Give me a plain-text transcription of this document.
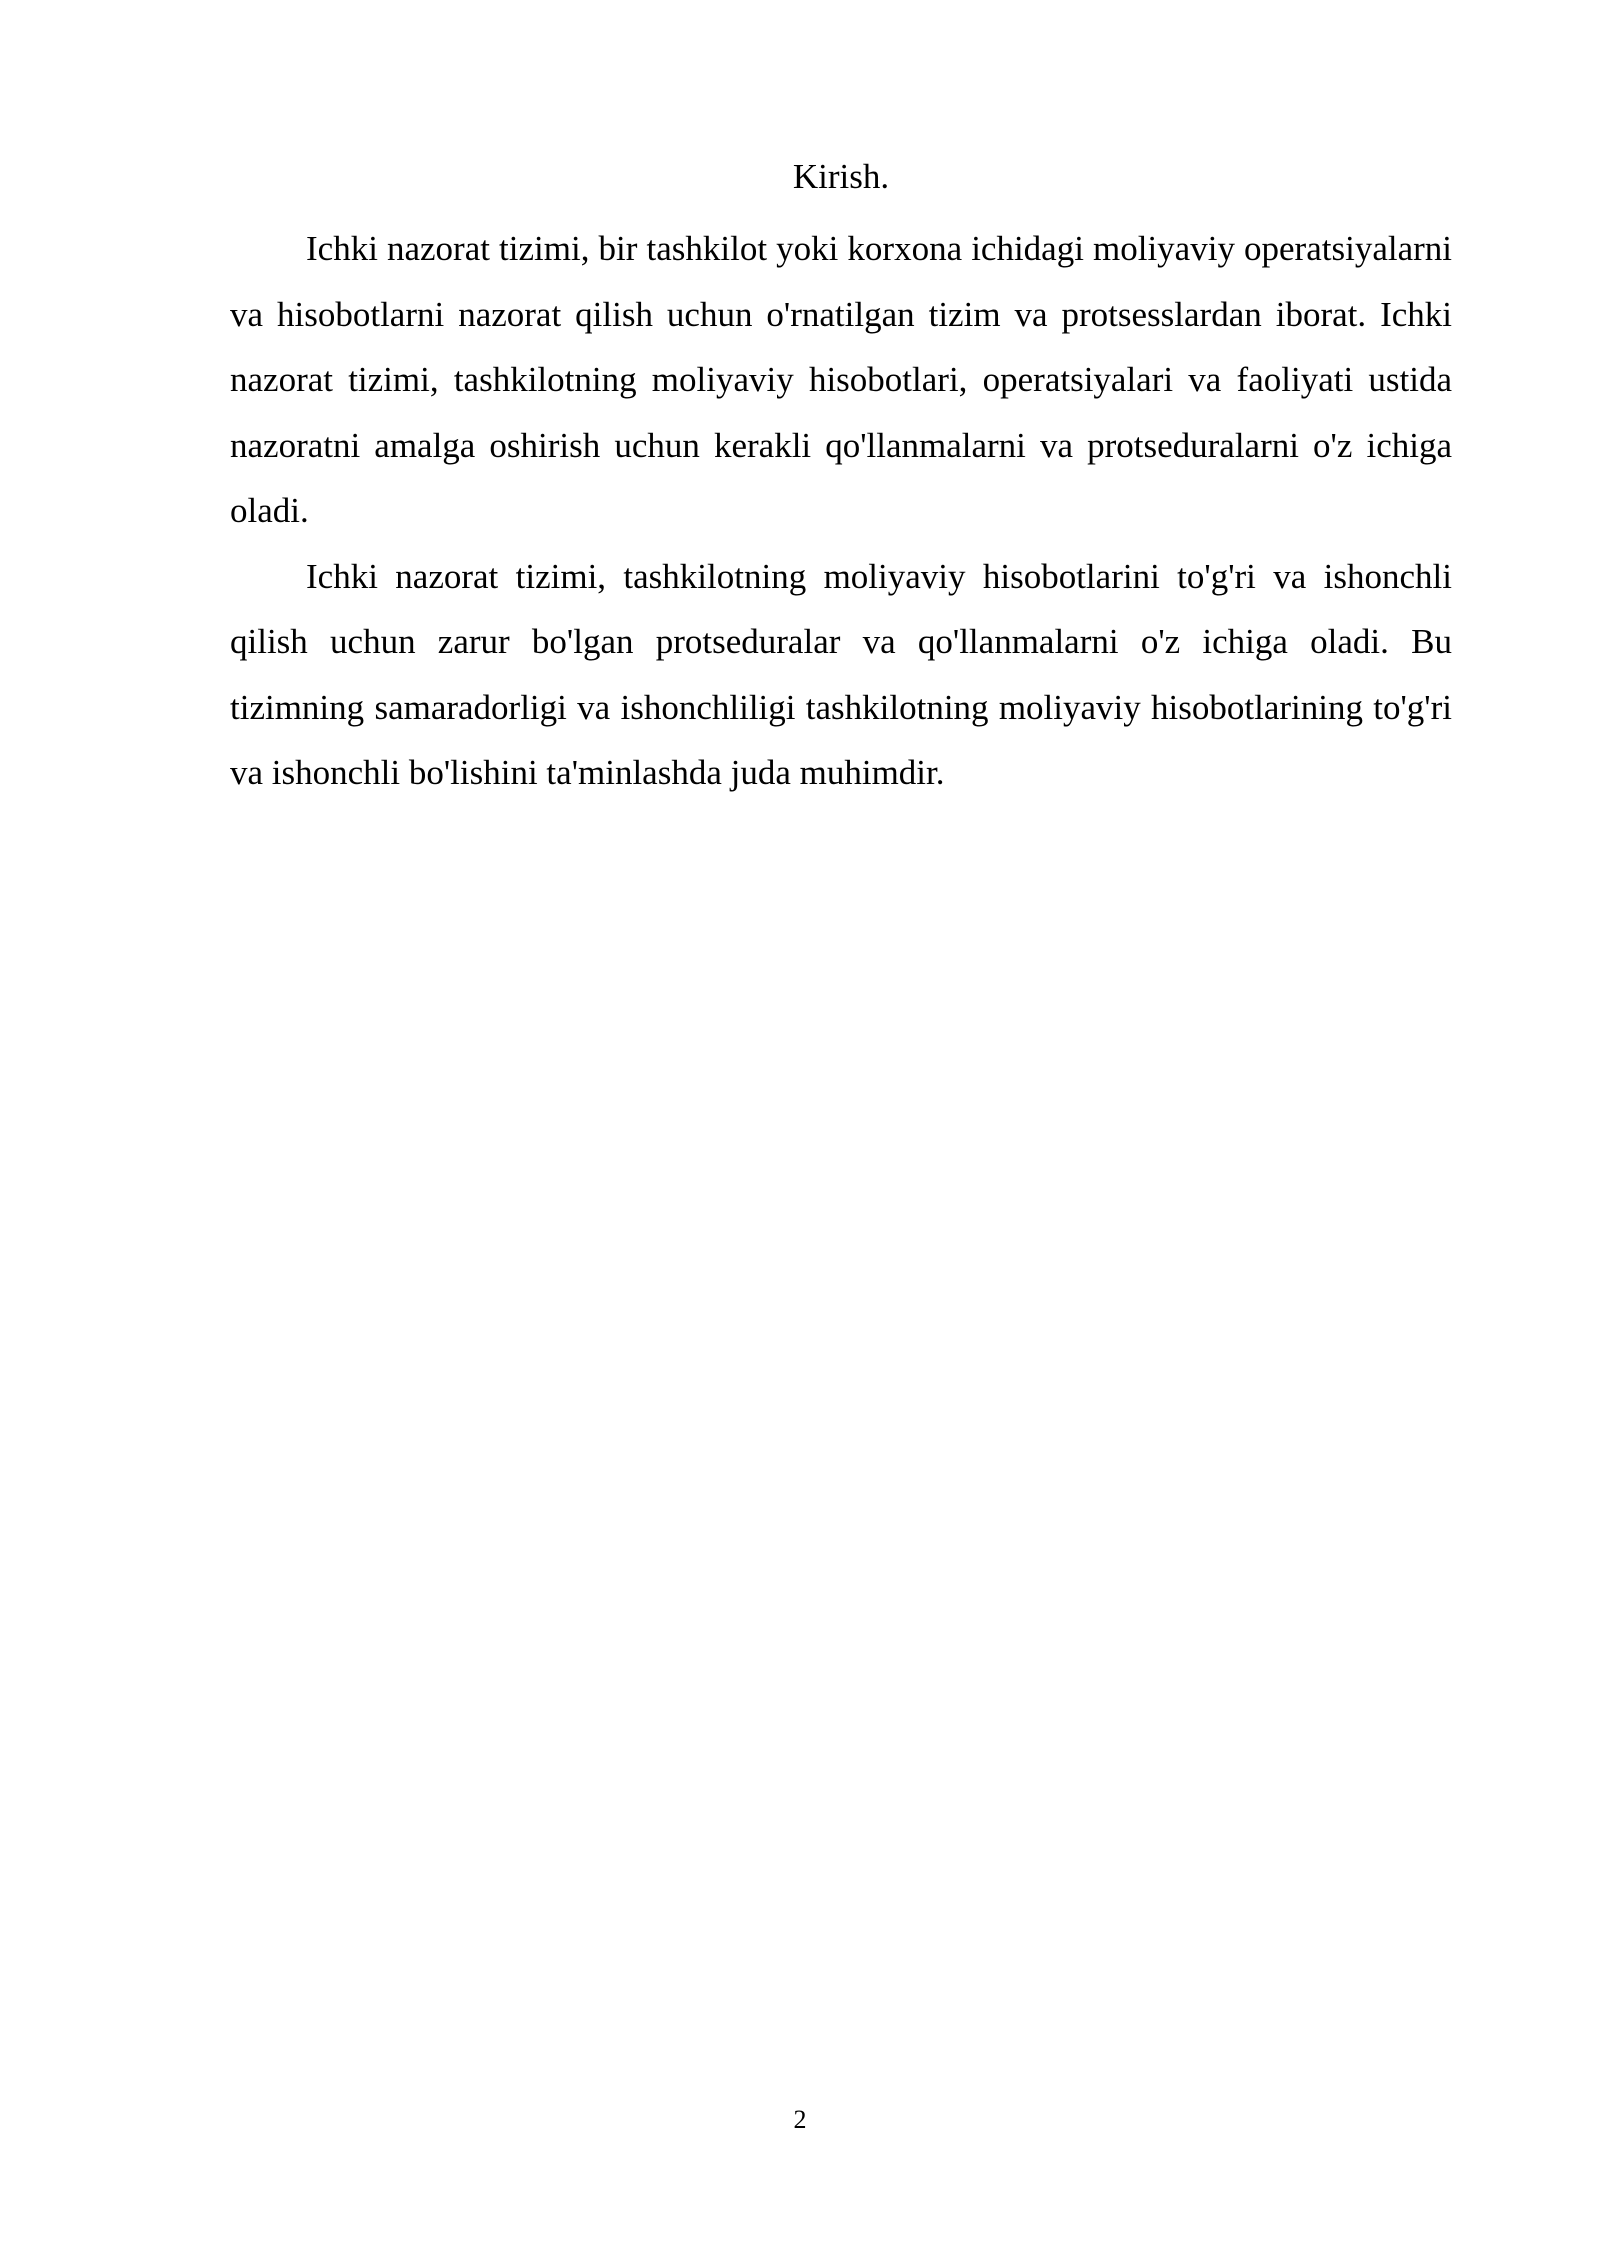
Kirish.

Ichki nazorat tizimi, bir tashkilot yoki korxona ichidagi moliyaviy operatsiyalarni va hisobotlarni nazorat qilish uchun o'rnatilgan tizim va protsesslardan iborat. Ichki nazorat tizimi, tashkilotning moliyaviy hisobotlari, operatsiyalari va faoliyati ustida nazoratni amalga oshirish uchun kerakli qo'llanmalarni va protseduralarni o'z ichiga oladi.

Ichki nazorat tizimi, tashkilotning moliyaviy hisobotlarini to'g'ri va ishonchli qilish uchun zarur bo'lgan protseduralar va qo'llanmalarni o'z ichiga oladi. Bu tizimning samaradorligi va ishonchliligi tashkilotning moliyaviy hisobotlarining to'g'ri va ishonchli bo'lishini ta'minlashda juda muhimdir.

2
